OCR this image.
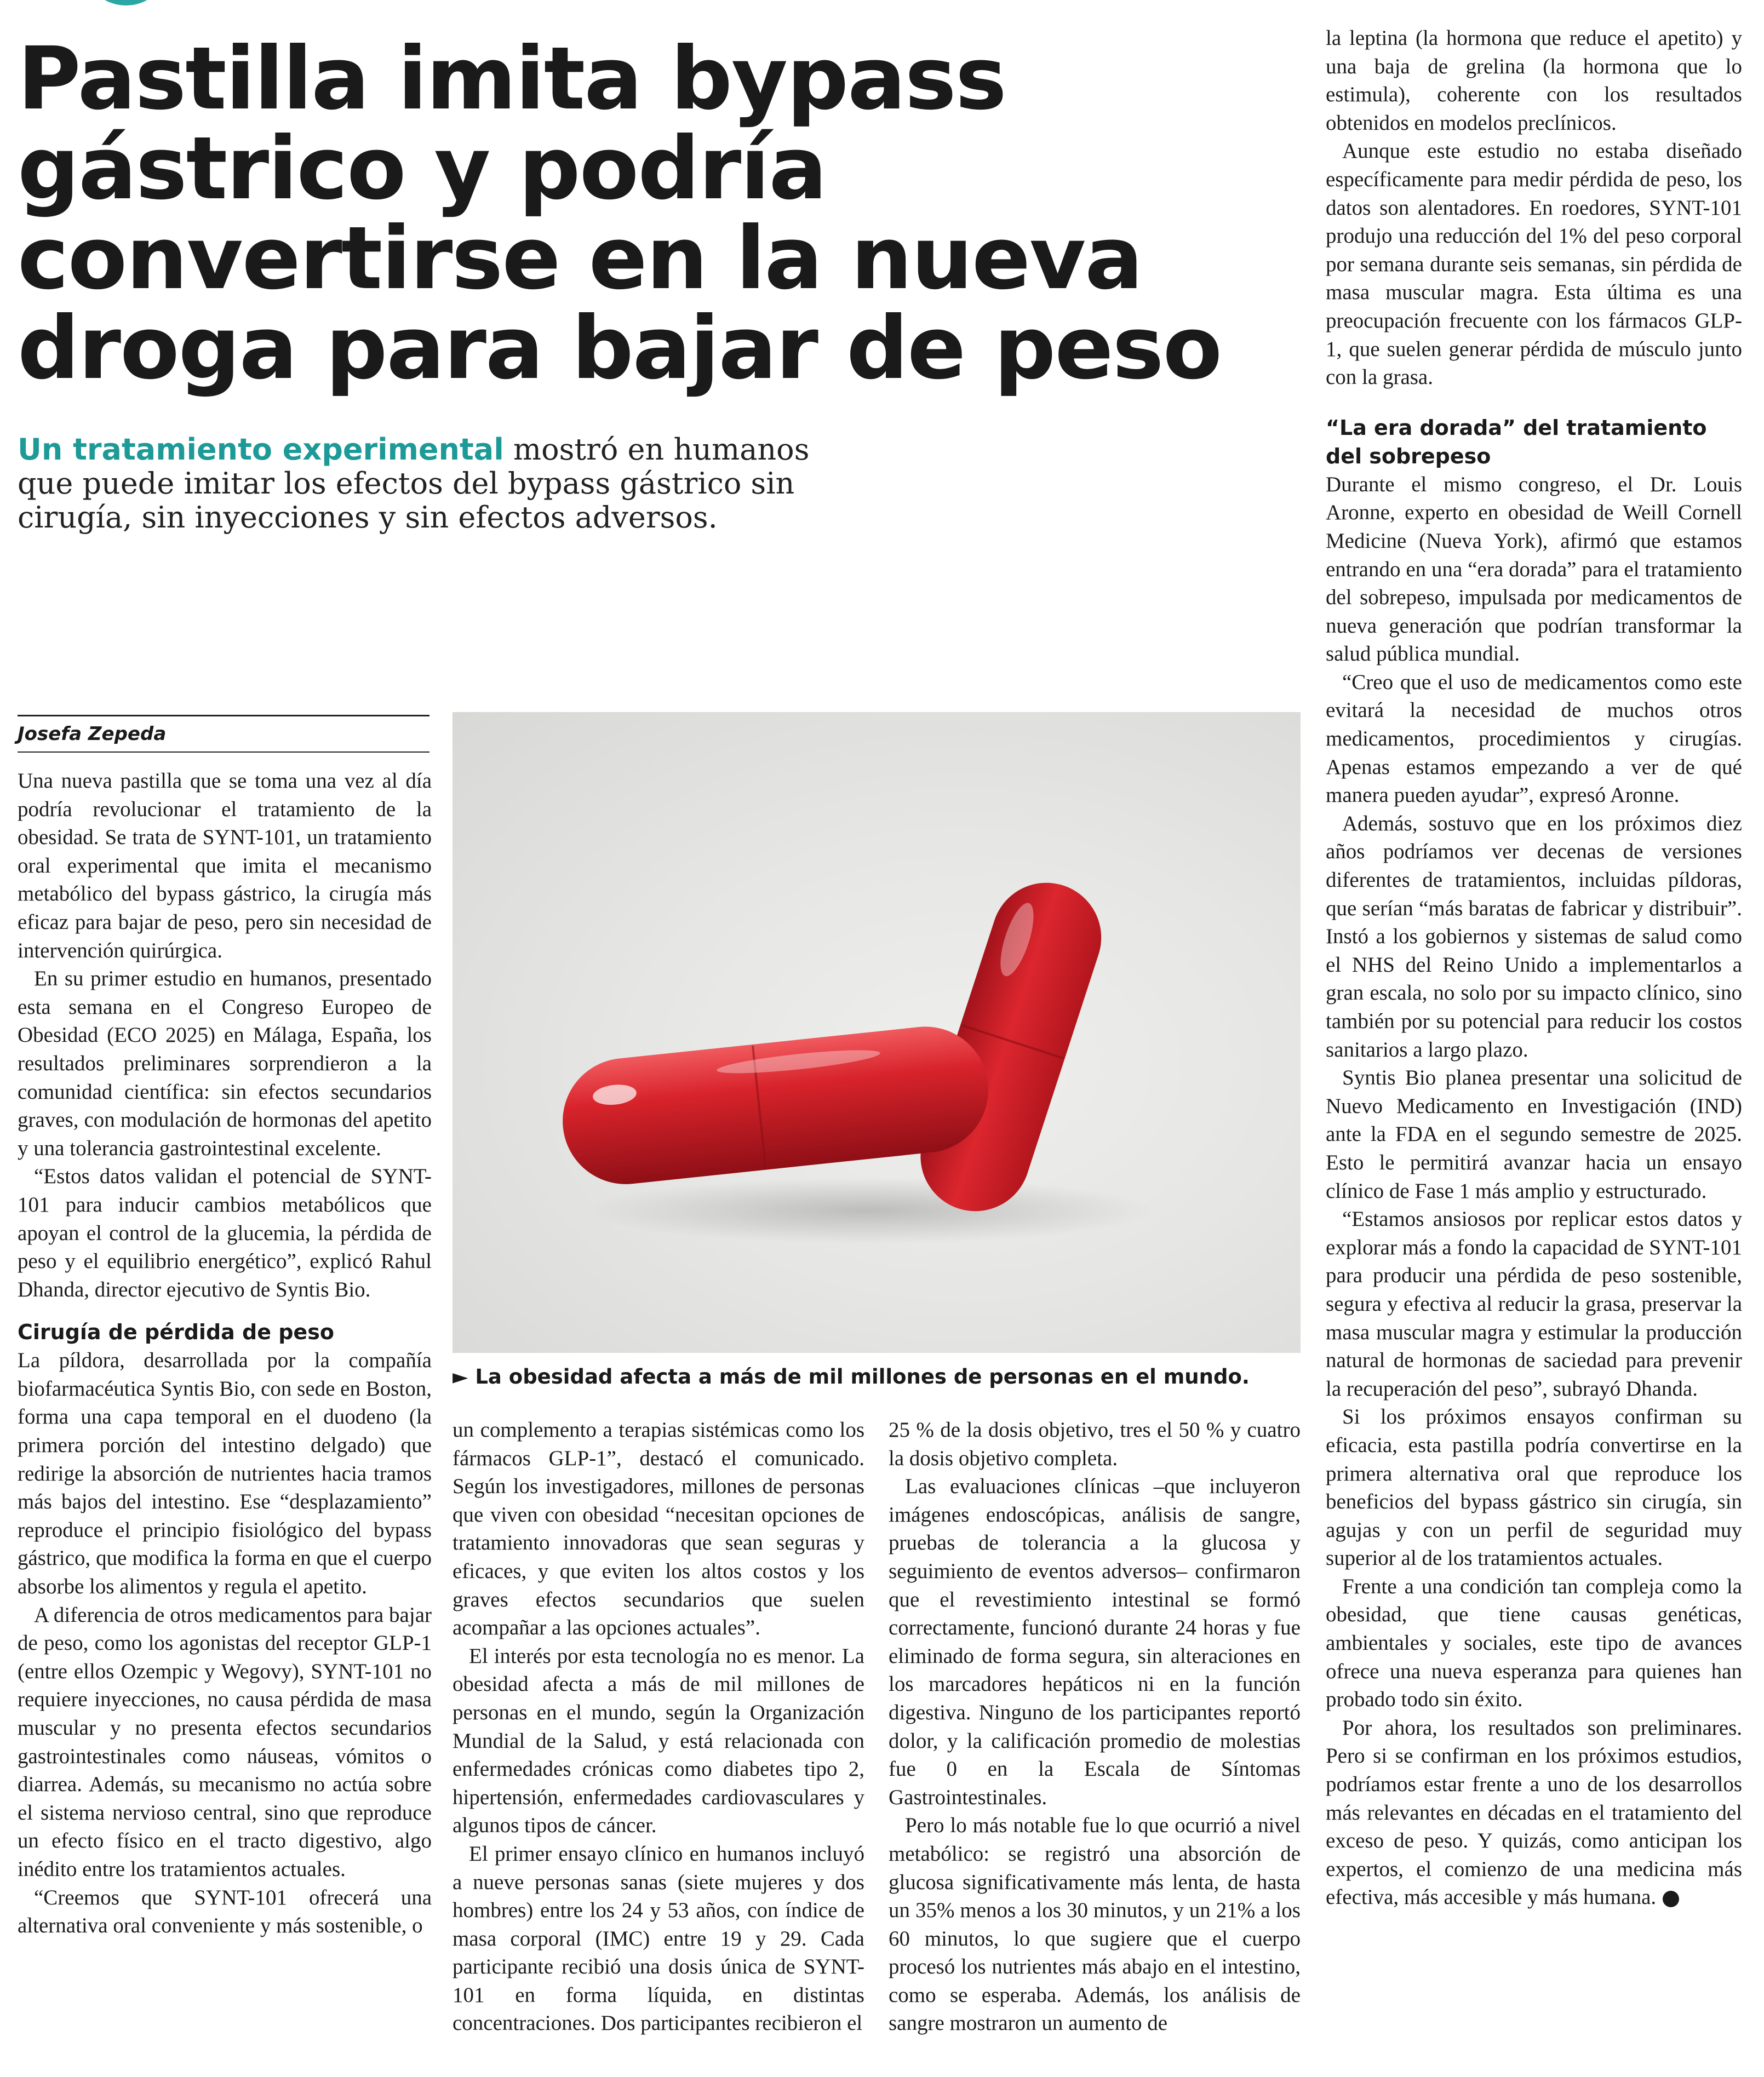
Pastilla imita bypass
gástrico y podría
convertirse en la nueva
droga para bajar de peso
Un tratamiento experimental mostró en humanos que puede imitar los efectos del bypass gástrico sin cirugía, sin inyecciones y sin efectos adversos.
Josefa Zepeda

Una nueva pastilla que se toma una vez al día podría revolucionar el tratamiento de la obesidad. Se trata de SYNT-101, un tratamiento oral experimental que imita el mecanismo metabólico del bypass gástrico, la cirugía más eficaz para bajar de peso, pero sin necesidad de intervención quirúrgica.

En su primer estudio en humanos, presentado esta semana en el Congreso Europeo de Obesidad (ECO 2025) en Málaga, España, los resultados preliminares sorprendieron a la comunidad científica: sin efectos secundarios graves, con modulación de hormonas del apetito y una tolerancia gastrointestinal excelente.

“Estos datos validan el potencial de SYNT-101 para inducir cambios metabólicos que apoyan el control de la glucemia, la pérdida de peso y el equilibrio energético”, explicó Rahul Dhanda, director ejecutivo de Syntis Bio.

Cirugía de pérdida de peso

La píldora, desarrollada por la compañía biofarmacéutica Syntis Bio, con sede en Boston, forma una capa temporal en el duodeno (la primera porción del intestino delgado) que redirige la absorción de nutrientes hacia tramos más bajos del intestino. Ese “desplazamiento” reproduce el principio fisiológico del bypass gástrico, que modifica la forma en que el cuerpo absorbe los alimentos y regula el apetito.

A diferencia de otros medicamentos para bajar de peso, como los agonistas del receptor GLP-1 (entre ellos Ozempic y Wegovy), SYNT-101 no requiere inyecciones, no causa pérdida de masa muscular y no presenta efectos secundarios gastrointestinales como náuseas, vómitos o diarrea. Además, su mecanismo no actúa sobre el sistema nervioso central, sino que reproduce un efecto físico en el tracto digestivo, algo inédito entre los tratamientos actuales.

“Creemos que SYNT-101 ofrecerá una alternativa oral conveniente y más sostenible, o

► La obesidad afecta a más de mil millones de personas en el mundo.

un complemento a terapias sistémicas como los fármacos GLP-1”, destacó el comunicado. Según los investigadores, millones de personas que viven con obesidad “necesitan opciones de tratamiento innovadoras que sean seguras y eficaces, y que eviten los altos costos y los graves efectos secundarios que suelen acompañar a las opciones actuales”.

El interés por esta tecnología no es menor. La obesidad afecta a más de mil millones de personas en el mundo, según la Organización Mundial de la Salud, y está relacionada con enfermedades crónicas como diabetes tipo 2, hipertensión, enfermedades cardiovasculares y algunos tipos de cáncer.

El primer ensayo clínico en humanos incluyó a nueve personas sanas (siete mujeres y dos hombres) entre los 24 y 53 años, con índice de masa corporal (IMC) entre 19 y 29. Cada participante recibió una dosis única de SYNT-101 en forma líquida, en distintas concentraciones. Dos participantes recibieron el

25 % de la dosis objetivo, tres el 50 % y cuatro la dosis objetivo completa.

Las evaluaciones clínicas –que incluyeron imágenes endoscópicas, análisis de sangre, pruebas de tolerancia a la glucosa y seguimiento de eventos adversos– confirmaron que el revestimiento intestinal se formó correctamente, funcionó durante 24 horas y fue eliminado de forma segura, sin alteraciones en los marcadores hepáticos ni en la función digestiva. Ninguno de los participantes reportó dolor, y la calificación promedio de molestias fue 0 en la Escala de Síntomas Gastrointestinales.

Pero lo más notable fue lo que ocurrió a nivel metabólico: se registró una absorción de glucosa significativamente más lenta, de hasta un 35% menos a los 30 minutos, y un 21% a los 60 minutos, lo que sugiere que el cuerpo procesó los nutrientes más abajo en el intestino, como se esperaba. Además, los análisis de sangre mostraron un aumento de

la leptina (la hormona que reduce el apetito) y una baja de grelina (la hormona que lo estimula), coherente con los resultados obtenidos en modelos preclínicos.

Aunque este estudio no estaba diseñado específicamente para medir pérdida de peso, los datos son alentadores. En roedores, SYNT-101 produjo una reducción del 1% del peso corporal por semana durante seis semanas, sin pérdida de masa muscular magra. Esta última es una preocupación frecuente con los fármacos GLP-1, que suelen generar pérdida de músculo junto con la grasa.

“La era dorada” del tratamiento del sobrepeso

Durante el mismo congreso, el Dr. Louis Aronne, experto en obesidad de Weill Cornell Medicine (Nueva York), afirmó que estamos entrando en una “era dorada” para el tratamiento del sobrepeso, impulsada por medicamentos de nueva generación que podrían transformar la salud pública mundial.

“Creo que el uso de medicamentos como este evitará la necesidad de muchos otros medicamentos, procedimientos y cirugías. Apenas estamos empezando a ver de qué manera pueden ayudar”, expresó Aronne.

Además, sostuvo que en los próximos diez años podríamos ver decenas de versiones diferentes de tratamientos, incluidas píldoras, que serían “más baratas de fabricar y distribuir”. Instó a los gobiernos y sistemas de salud como el NHS del Reino Unido a implementarlos a gran escala, no solo por su impacto clínico, sino también por su potencial para reducir los costos sanitarios a largo plazo.

Syntis Bio planea presentar una solicitud de Nuevo Medicamento en Investigación (IND) ante la FDA en el segundo semestre de 2025. Esto le permitirá avanzar hacia un ensayo clínico de Fase 1 más amplio y estructurado.

“Estamos ansiosos por replicar estos datos y explorar más a fondo la capacidad de SYNT-101 para producir una pérdida de peso sostenible, segura y efectiva al reducir la grasa, preservar la masa muscular magra y estimular la producción natural de hormonas de saciedad para prevenir la recuperación del peso”, subrayó Dhanda.

Si los próximos ensayos confirman su eficacia, esta pastilla podría convertirse en la primera alternativa oral que reproduce los beneficios del bypass gástrico sin cirugía, sin agujas y con un perfil de seguridad muy superior al de los tratamientos actuales.

Frente a una condición tan compleja como la obesidad, que tiene causas genéticas, ambientales y sociales, este tipo de avances ofrece una nueva esperanza para quienes han probado todo sin éxito.

Por ahora, los resultados son preliminares. Pero si se confirman en los próximos estudios, podríamos estar frente a uno de los desarrollos más relevantes en décadas en el tratamiento del exceso de peso. Y quizás, como anticipan los expertos, el comienzo de una medicina más efectiva, más accesible y más humana.
